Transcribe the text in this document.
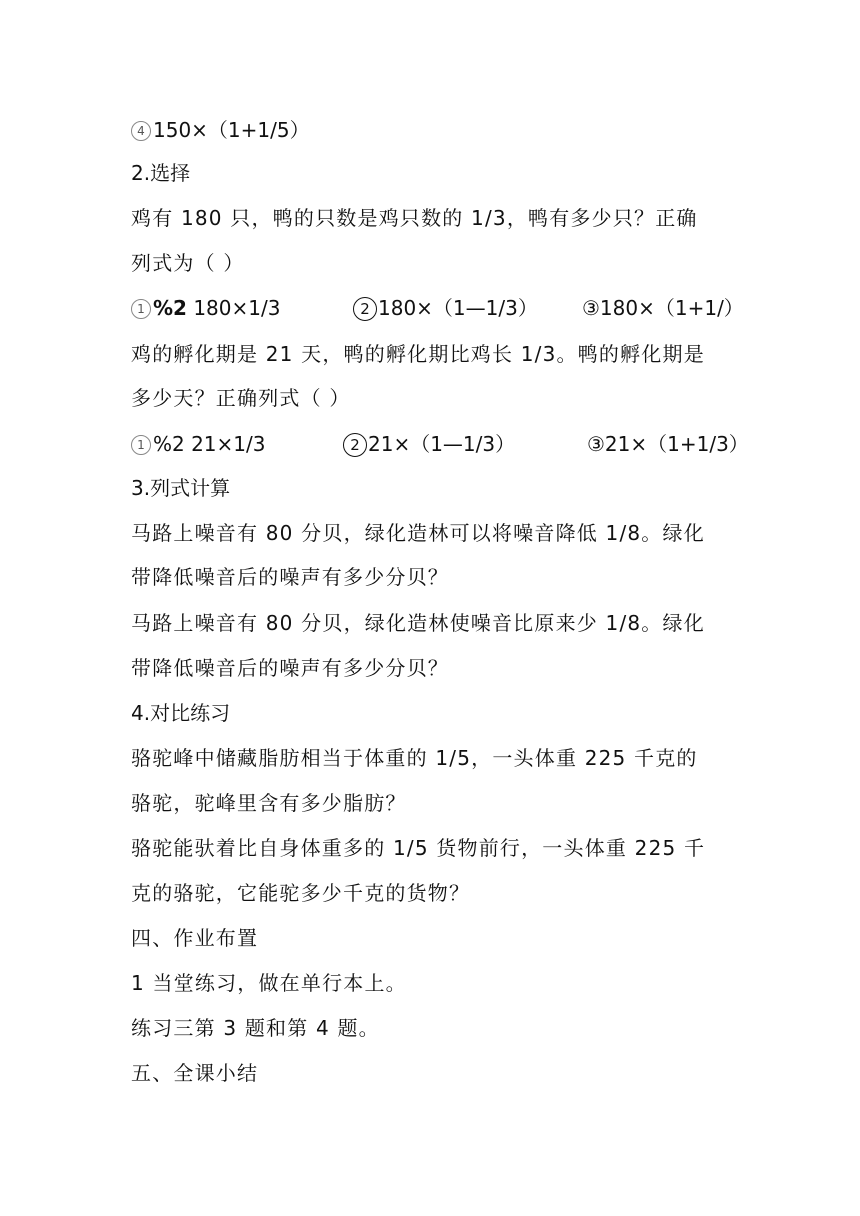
4 150×（1+1/5）
2.选择
鸡有 180 只，鸭的只数是鸡只数的 1/3，鸭有多少只？正确
列式为（ ）
1 %2 180×1/3	2 180×（1—1/3） ③180×（1+1/）
鸡的孵化期是 21 天，鸭的孵化期比鸡长 1/3。鸭的孵化期是
多少天？正确列式（ ）
1 %2 21×1/3	2 21×（1—1/3）	③21×（1+1/3）
3.列式计算
马路上噪音有 80 分贝，绿化造林可以将噪音降低 1/8。绿化
带降低噪音后的噪声有多少分贝？
马路上噪音有 80 分贝，绿化造林使噪音比原来少 1/8。绿化
带降低噪音后的噪声有多少分贝？
4.对比练习
骆驼峰中储藏脂肪相当于体重的 1/5，一头体重 225 千克的
骆驼，驼峰里含有多少脂肪？
骆驼能驮着比自身体重多的 1/5 货物前行，一头体重 225 千
克的骆驼，它能驼多少千克的货物？
四、作业布置
1 当堂练习，做在单行本上。
练习三第 3 题和第 4 题。
五、全课小结
